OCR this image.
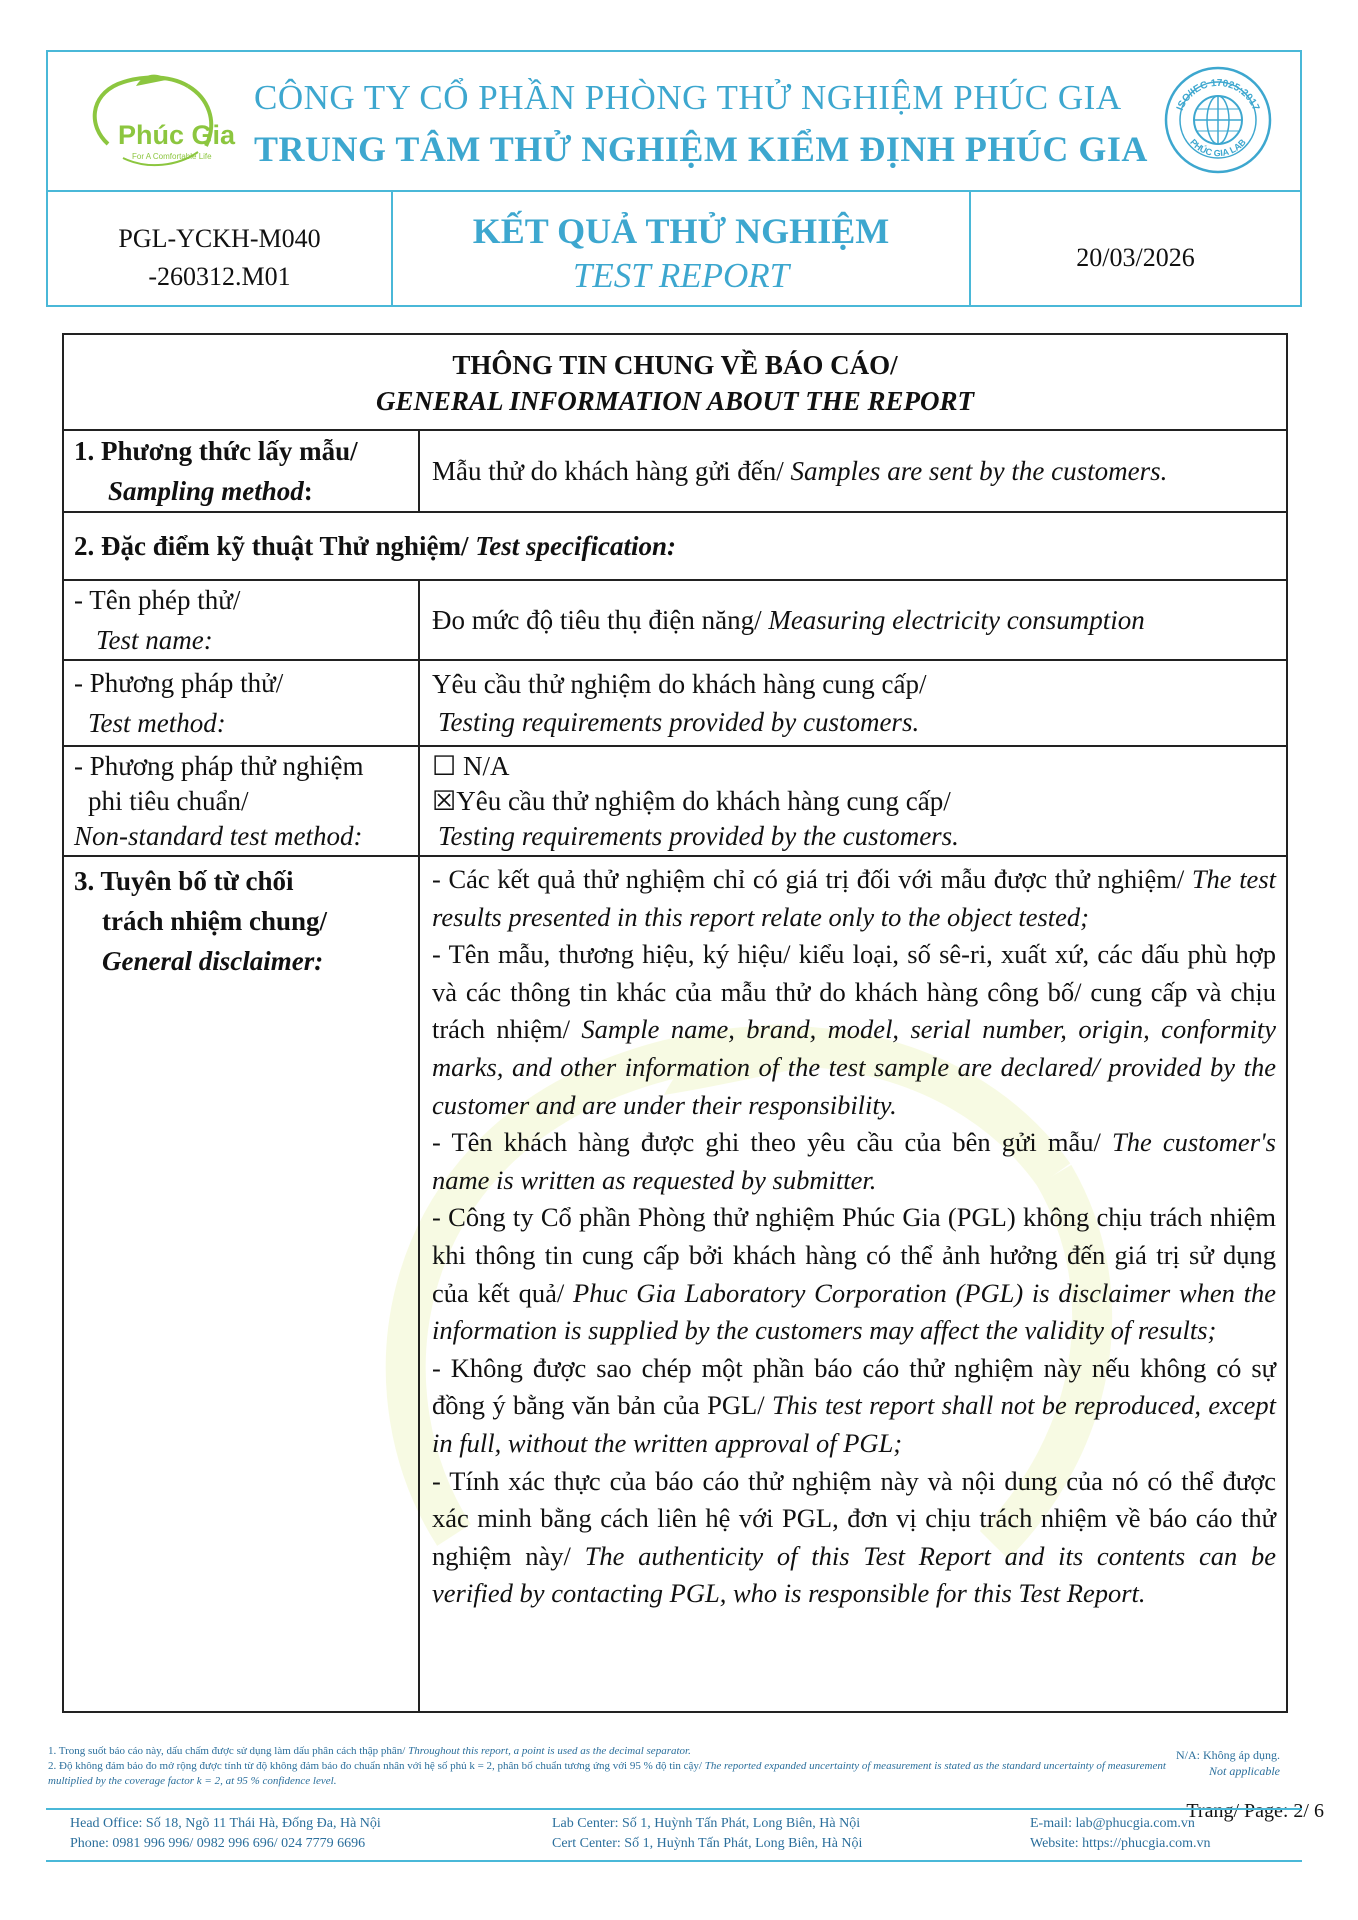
Phúc Gia
For A Comfortable Life
CÔNG TY CỔ PHẦN PHÒNG THỬ NGHIỆM PHÚC GIA
TRUNG TÂM THỬ NGHIỆM KIỂM ĐỊNH PHÚC GIA
ISO/IEC 17025:2017
PHÚC GIA LAB
PGL-YCKH-M040
-260312.M01
KẾT QUẢ THỬ NGHIỆM
TEST REPORT	20/03/2026
THÔNG TIN CHUNG VỀ BÁO CÁO/
GENERAL INFORMATION ABOUT THE REPORT
1. Phương thức lấy mẫu/
Sampling method:
Mẫu thử do khách hàng gửi đến/ Samples are sent by the customers.
2. Đặc điểm kỹ thuật Thử nghiệm/ Test specification:
- Tên phép thử/
Test name:
Đo mức độ tiêu thụ điện năng/ Measuring electricity consumption
- Phương pháp thử/
Test method:
Yêu cầu thử nghiệm do khách hàng cung cấp/
Testing requirements provided by customers.
- Phương pháp thử nghiệm
phi tiêu chuẩn/
Non-standard test method:
☐ N/A
☒Yêu cầu thử nghiệm do khách hàng cung cấp/
Testing requirements provided by the customers.
3. Tuyên bố từ chối
trách nhiệm chung/
General disclaimer:

- Các kết quả thử nghiệm chỉ có giá trị đối với mẫu được thử nghiệm/ The test results presented in this report relate only to the object tested;

- Tên mẫu, thương hiệu, ký hiệu/ kiểu loại, số sê-ri, xuất xứ, các dấu phù hợp và các thông tin khác của mẫu thử do khách hàng công bố/ cung cấp và chịu trách nhiệm/ Sample name, brand, model, serial number, origin, conformity marks, and other information of the test sample are declared/ provided by the customer and are under their responsibility.

- Tên khách hàng được ghi theo yêu cầu của bên gửi mẫu/ The customer's name is written as requested by submitter.

- Công ty Cổ phần Phòng thử nghiệm Phúc Gia (PGL) không chịu trách nhiệm khi thông tin cung cấp bởi khách hàng có thể ảnh hưởng đến giá trị sử dụng của kết quả/ Phuc Gia Laboratory Corporation (PGL) is disclaimer when the information is supplied by the customers may affect the validity of results;

- Không được sao chép một phần báo cáo thử nghiệm này nếu không có sự đồng ý bằng văn bản của PGL/ This test report shall not be reproduced, except in full, without the written approval of PGL;

- Tính xác thực của báo cáo thử nghiệm này và nội dung của nó có thể được xác minh bằng cách liên hệ với PGL, đơn vị chịu trách nhiệm về báo cáo thử nghiệm này/ The authenticity of this Test Report and its contents can be verified by contacting PGL, who is responsible for this Test Report.

1. Trong suốt báo cáo này, dấu chấm được sử dụng làm dấu phân cách thập phân/ Throughout this report, a point is used as the decimal separator.
2. Độ không đảm bảo đo mở rộng được tính từ độ không đảm bảo đo chuẩn nhân với hệ số phủ k = 2, phân bố chuẩn tương ứng với 95 % độ tin cậy/ The reported expanded uncertainty of measurement is stated as the standard uncertainty of measurement multiplied by the coverage factor k = 2, at 95 % confidence level.
N/A: Không áp dụng.
Not applicable
Trang/ Page: 2/ 6
Head Office: Số 18, Ngõ 11 Thái Hà, Đống Đa, Hà Nội
Phone: 0981 996 996/ 0982 996 696/ 024 7779 6696
Lab Center: Số 1, Huỳnh Tấn Phát, Long Biên, Hà Nội
Cert Center: Số 1, Huỳnh Tấn Phát, Long Biên, Hà Nội
E-mail: lab@phucgia.com.vn
Website: https://phucgia.com.vn
